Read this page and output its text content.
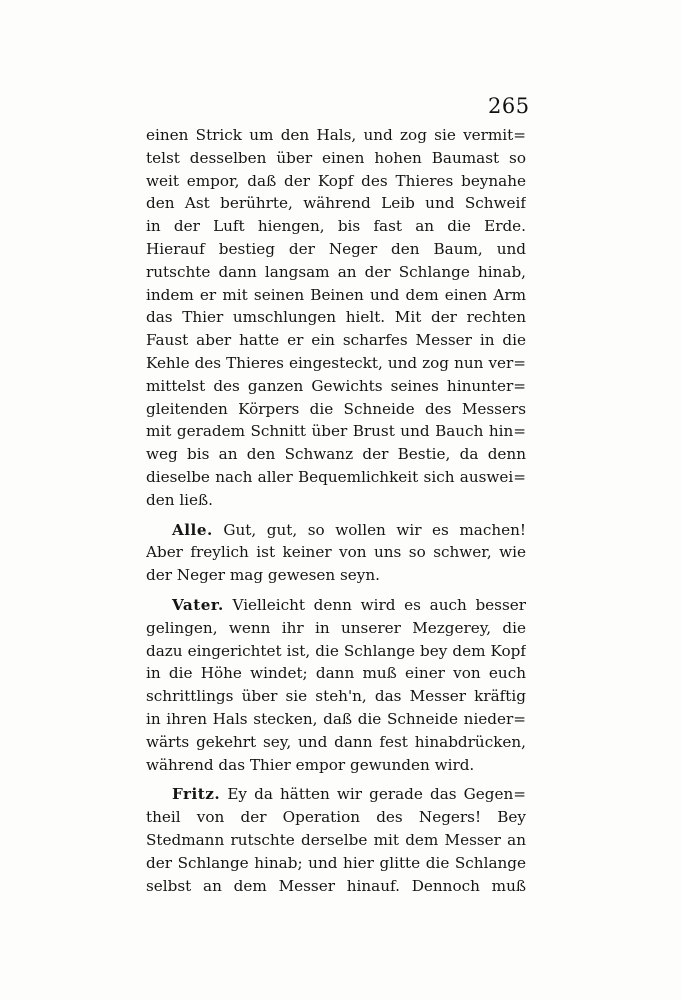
265
einen Strick um den Hals, und zog sie vermit=
telst desselben über einen hohen Baumast so
weit empor, daß der Kopf des Thieres beynahe
den Ast berührte, während Leib und Schweif
in der Luft hiengen, bis fast an die Erde.
Hierauf bestieg der Neger den Baum, und
rutschte dann langsam an der Schlange hinab,
indem er mit seinen Beinen und dem einen Arm
das Thier umschlungen hielt. Mit der rechten
Faust aber hatte er ein scharfes Messer in die
Kehle des Thieres eingesteckt, und zog nun ver=
mittelst des ganzen Gewichts seines hinunter=
gleitenden Körpers die Schneide des Messers
mit geradem Schnitt über Brust und Bauch hin=
weg bis an den Schwanz der Bestie, da denn
dieselbe nach aller Bequemlichkeit sich auswei=
den ließ.
Alle. Gut, gut, so wollen wir es machen!
Aber freylich ist keiner von uns so schwer, wie
der Neger mag gewesen seyn.
Vater. Vielleicht denn wird es auch besser
gelingen, wenn ihr in unserer Mezgerey, die
dazu eingerichtet ist, die Schlange bey dem Kopf
in die Höhe windet; dann muß einer von euch
schrittlings über sie steh'n, das Messer kräftig
in ihren Hals stecken, daß die Schneide nieder=
wärts gekehrt sey, und dann fest hinabdrücken,
während das Thier empor gewunden wird.
Fritz. Ey da hätten wir gerade das Gegen=
theil von der Operation des Negers! Bey
Stedmann rutschte derselbe mit dem Messer an
der Schlange hinab; und hier glitte die Schlange
selbst an dem Messer hinauf. Dennoch muß
